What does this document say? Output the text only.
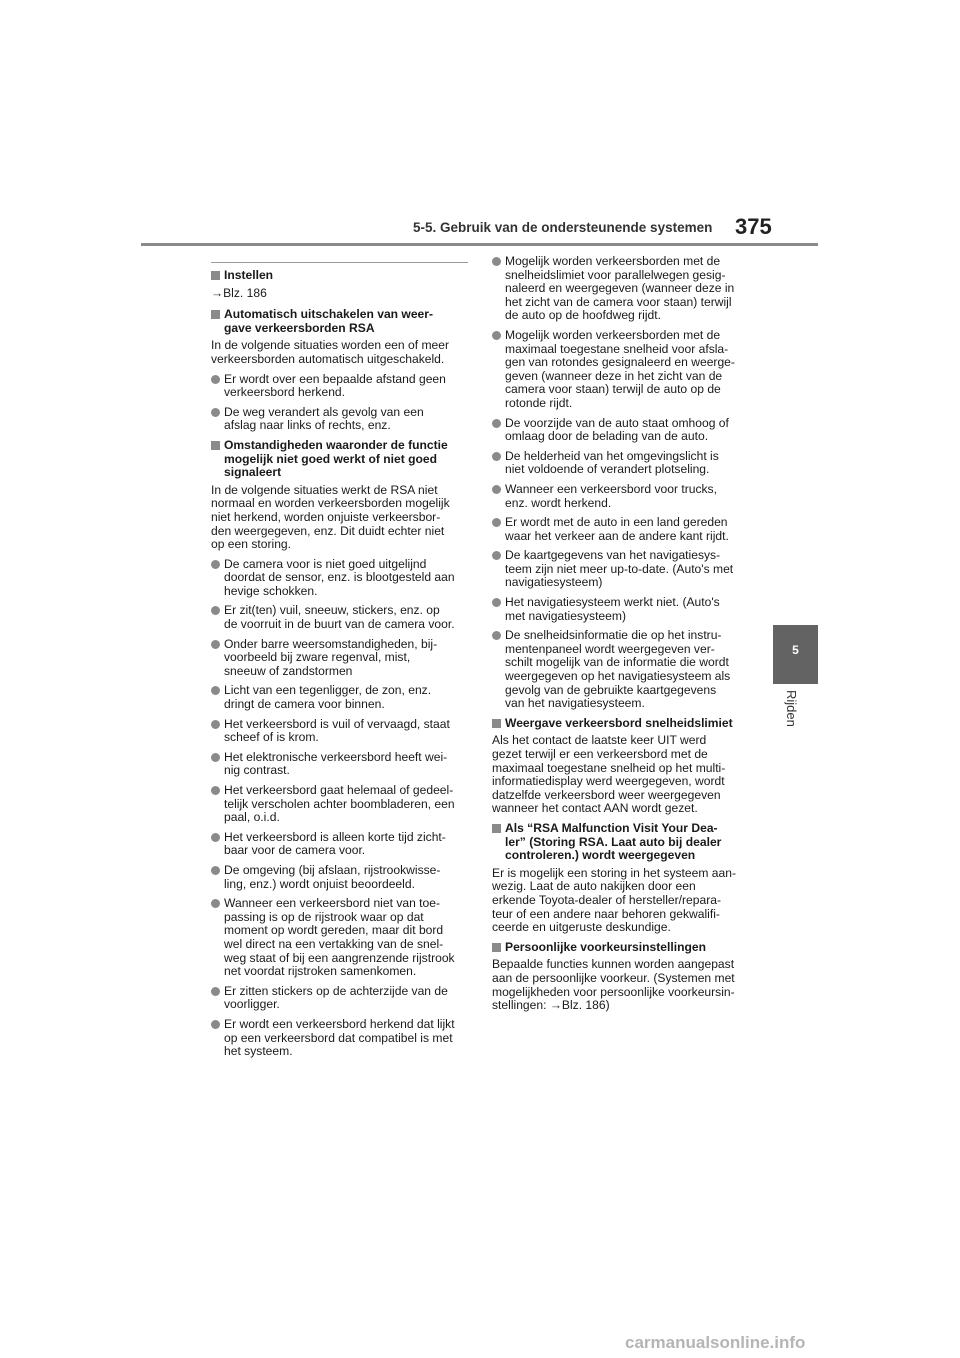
5-5. Gebruik van de ondersteunende systemen 375
5
Rijden
Instellen
→Blz. 186
Automatisch uitschakelen van weer-
gave verkeersborden RSA
In de volgende situaties worden een of meer
verkeersborden automatisch uitgeschakeld.
Er wordt over een bepaalde afstand geen
verkeersbord herkend.
De weg verandert als gevolg van een
afslag naar links of rechts, enz.
Omstandigheden waaronder de functie
mogelijk niet goed werkt of niet goed
signaleert
In de volgende situaties werkt de RSA niet
normaal en worden verkeersborden mogelijk
niet herkend, worden onjuiste verkeersbor-
den weergegeven, enz. Dit duidt echter niet
op een storing.
De camera voor is niet goed uitgelijnd
doordat de sensor, enz. is blootgesteld aan
hevige schokken.
Er zit(ten) vuil, sneeuw, stickers, enz. op
de voorruit in de buurt van de camera voor.
Onder barre weersomstandigheden, bij-
voorbeeld bij zware regenval, mist,
sneeuw of zandstormen
Licht van een tegenligger, de zon, enz.
dringt de camera voor binnen.
Het verkeersbord is vuil of vervaagd, staat
scheef of is krom.
Het elektronische verkeersbord heeft wei-
nig contrast.
Het verkeersbord gaat helemaal of gedeel-
telijk verscholen achter boombladeren, een
paal, o.i.d.
Het verkeersbord is alleen korte tijd zicht-
baar voor de camera voor.
De omgeving (bij afslaan, rijstrookwisse-
ling, enz.) wordt onjuist beoordeeld.
Wanneer een verkeersbord niet van toe-
passing is op de rijstrook waar op dat
moment op wordt gereden, maar dit bord
wel direct na een vertakking van de snel-
weg staat of bij een aangrenzende rijstrook
net voordat rijstroken samenkomen.
Er zitten stickers op de achterzijde van de
voorligger.
Er wordt een verkeersbord herkend dat lijkt
op een verkeersbord dat compatibel is met
het systeem.
Mogelijk worden verkeersborden met de
snelheidslimiet voor parallelwegen gesig-
naleerd en weergegeven (wanneer deze in
het zicht van de camera voor staan) terwijl
de auto op de hoofdweg rijdt.
Mogelijk worden verkeersborden met de
maximaal toegestane snelheid voor afsla-
gen van rotondes gesignaleerd en weerge-
geven (wanneer deze in het zicht van de
camera voor staan) terwijl de auto op de
rotonde rijdt.
De voorzijde van de auto staat omhoog of
omlaag door de belading van de auto.
De helderheid van het omgevingslicht is
niet voldoende of verandert plotseling.
Wanneer een verkeersbord voor trucks,
enz. wordt herkend.
Er wordt met de auto in een land gereden
waar het verkeer aan de andere kant rijdt.
De kaartgegevens van het navigatiesys-
teem zijn niet meer up-to-date. (Auto's met
navigatiesysteem)
Het navigatiesysteem werkt niet. (Auto's
met navigatiesysteem)
De snelheidsinformatie die op het instru-
mentenpaneel wordt weergegeven ver-
schilt mogelijk van de informatie die wordt
weergegeven op het navigatiesysteem als
gevolg van de gebruikte kaartgegevens
van het navigatiesysteem.
Weergave verkeersbord snelheidslimiet
Als het contact de laatste keer UIT werd
gezet terwijl er een verkeersbord met de
maximaal toegestane snelheid op het multi-
informatiedisplay werd weergegeven, wordt
datzelfde verkeersbord weer weergegeven
wanneer het contact AAN wordt gezet.
Als “RSA Malfunction Visit Your Dea-
ler” (Storing RSA. Laat auto bij dealer
controleren.) wordt weergegeven
Er is mogelijk een storing in het systeem aan-
wezig. Laat de auto nakijken door een
erkende Toyota-dealer of hersteller/repara-
teur of een andere naar behoren gekwalifi-
ceerde en uitgeruste deskundige.
Persoonlijke voorkeursinstellingen
Bepaalde functies kunnen worden aangepast
aan de persoonlijke voorkeur. (Systemen met
mogelijkheden voor persoonlijke voorkeursin-
stellingen: →Blz. 186)
carmanualsonline.info
